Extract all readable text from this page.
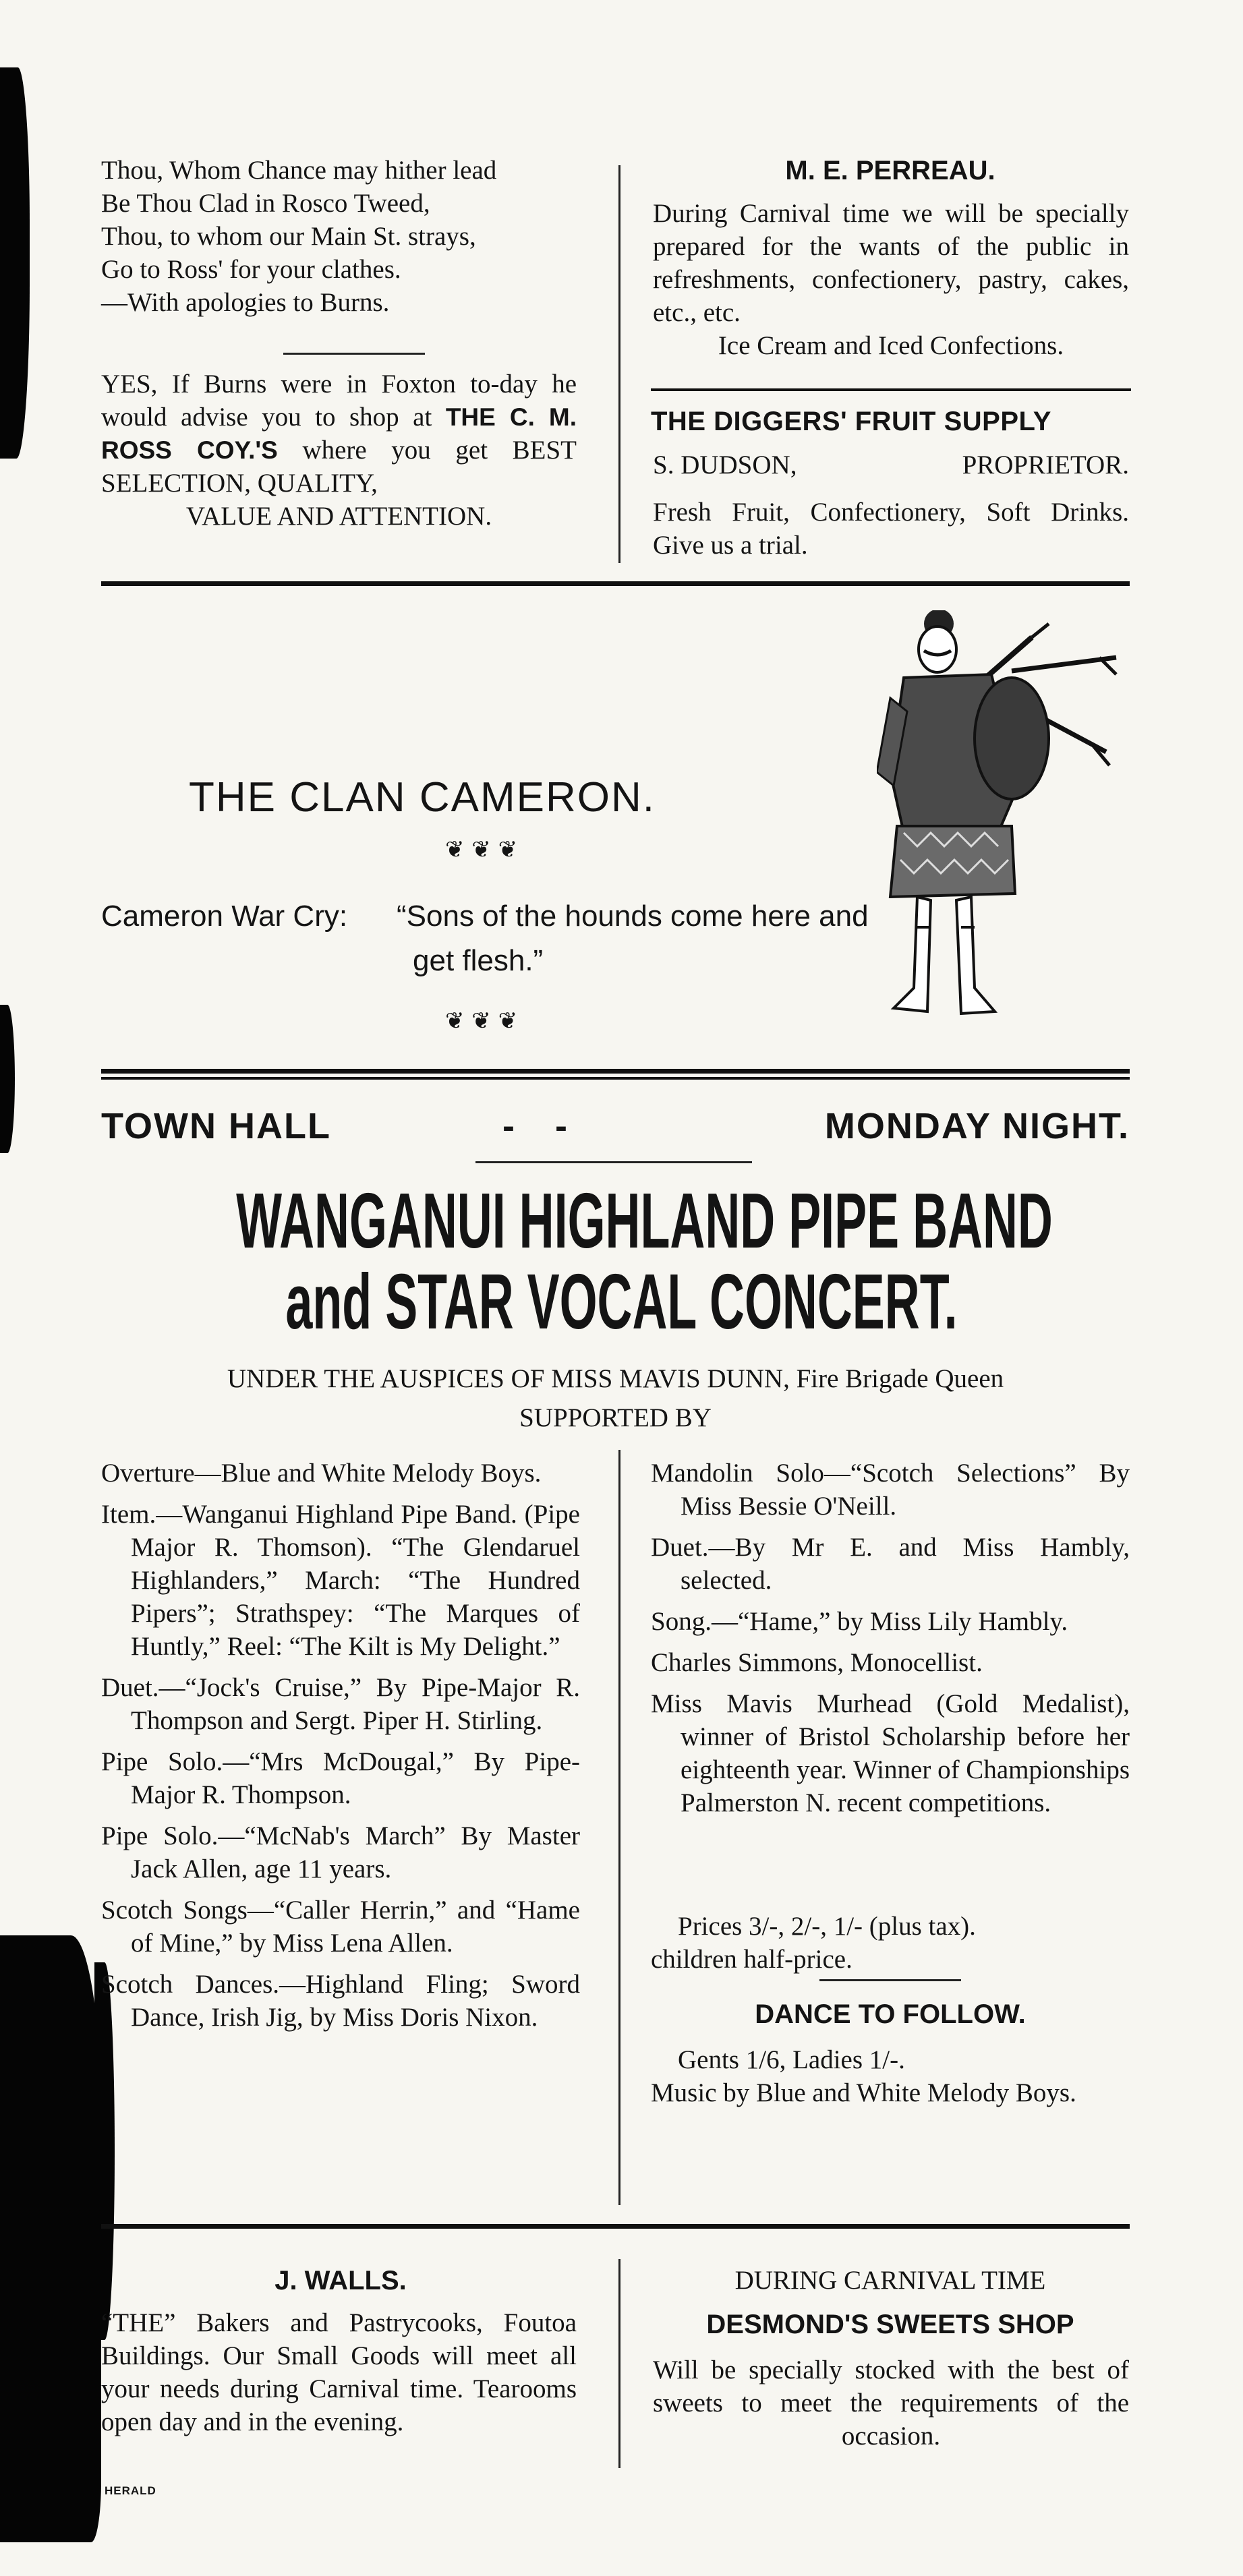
Thou, Whom Chance may hither lead
Be Thou Clad in Rosco Tweed,
Thou, to whom our Main St. strays,
Go to Ross' for your clathes.
—With apologies to Burns.
YES, If Burns were in Foxton to-day he would advise you to shop at THE C. M. ROSS COY.'S where you get BEST SELECTION, QUALITY,
VALUE AND ATTENTION.
M. E. PERREAU.
During Carnival time we will be specially prepared for the wants of the public in refreshments, confectionery, pastry, cakes, etc., etc.
Ice Cream and Iced Confections.
THE DIGGERS' FRUIT SUPPLY
S. DUDSON,	PROPRIETOR.
Fresh Fruit, Confectionery, Soft Drinks. Give us a trial.
THE CLAN CAMERON.
❦ ❦ ❦
Cameron War Cry: “Sons of the hounds come here and
get flesh.”
❦ ❦ ❦
TOWN HALL	-    -	MONDAY NIGHT.
WANGANUI HIGHLAND PIPE BAND
and STAR VOCAL CONCERT.
UNDER THE AUSPICES OF MISS MAVIS DUNN, Fire Brigade Queen
SUPPORTED BY

Overture—Blue and White Melody Boys.

Item.—Wanganui Highland Pipe Band. (Pipe Major R. Thomson). “The Glendaruel Highlanders,” March: “The Hundred Pipers”; Strathspey: “The Marques of Huntly,” Reel: “The Kilt is My Delight.”

Duet.—“Jock's Cruise,” By Pipe-Major R. Thompson and Sergt. Piper H. Stirling.

Pipe Solo.—“Mrs McDougal,” By Pipe-Major R. Thompson.

Pipe Solo.—“McNab's March” By Master Jack Allen, age 11 years.

Scotch Songs—“Caller Herrin,” and “Hame of Mine,” by Miss Lena Allen.

Scotch Dances.—Highland Fling; Sword Dance, Irish Jig, by Miss Doris Nixon.

Mandolin Solo—“Scotch Selections” By Miss Bessie O'Neill.

Duet.—By Mr E. and Miss Hambly, selected.

Song.—“Hame,” by Miss Lily Hambly.

Charles Simmons, Monocellist.

Miss Mavis Murhead (Gold Medalist), winner of Bristol Scholarship before her eighteenth year. Winner of Championships Palmerston N. recent competitions.

Prices 3/-, 2/-, 1/- (plus tax).
children half-price.
DANCE TO FOLLOW.
Gents 1/6, Ladies 1/-.
Music by Blue and White Melody Boys.
J. WALLS.
“THE” Bakers and Pastrycooks, Foutoa Buildings. Our Small Goods will meet all your needs during Carnival time. Tearooms open day and in the evening.
HERALD
DURING CARNIVAL TIME
DESMOND'S SWEETS SHOP
Will be specially stocked with the best of sweets to meet the requirements of the occasion.
